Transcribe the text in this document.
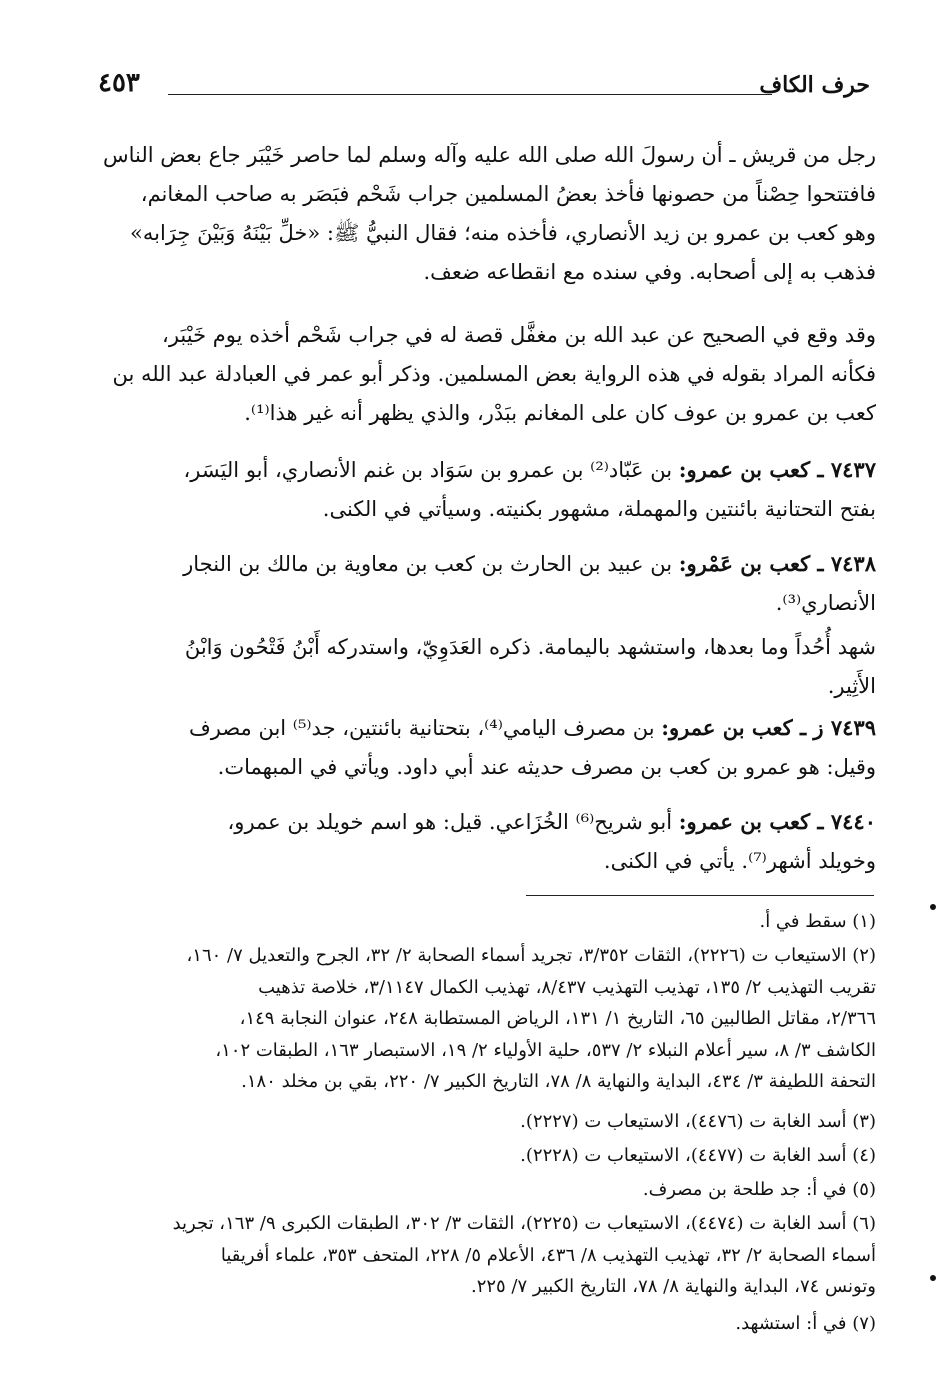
حرف الكاف
٤٥٣
رجل من قريش ـ أن رسولَ الله صلى الله عليه وآله وسلم لما حاصر خَيْبَر جاع بعض الناس
فافتتحوا حِصْناً من حصونها فأخذ بعضُ المسلمين جراب شَحْم فبَصَر به صاحب المغانم،
وهو كعب بن عمرو بن زيد الأنصاري، فأخذه منه؛ فقال النبيُّ ﷺ: «خلِّ بَيْنَهُ وَبَيْنَ جِرَابه»
فذهب به إلى أصحابه. وفي سنده مع انقطاعه ضعف.
وقد وقع في الصحيح عن عبد الله بن مغفَّل قصة له في جراب شَحْم أخذه يوم خَيْبَر،
فكأنه المراد بقوله في هذه الرواية بعض المسلمين. وذكر أبو عمر في العبادلة عبد الله بن
كعب بن عمرو بن عوف كان على المغانم ببَدْر، والذي يظهر أنه غير هذا⁽¹⁾.
٧٤٣٧ ـ كعب بن عمرو: بن عَبّاد⁽²⁾ بن عمرو بن سَوَاد بن غنم الأنصاري، أبو اليَسَر،
بفتح التحتانية بائنتين والمهملة، مشهور بكنيته. وسيأتي في الكنى.
٧٤٣٨ ـ كعب بن عَمْرو: بن عبيد بن الحارث بن كعب بن معاوية بن مالك بن النجار
الأنصاري⁽³⁾.
شهد أُحُداً وما بعدها، واستشهد باليمامة. ذكره العَدَوِيّ، واستدركه أَبْنُ فَتْحُون وَابْنُ
الأَثِير.
٧٤٣٩ ز ـ كعب بن عمرو: بن مصرف اليامي⁽⁴⁾، بتحتانية بائنتين، جد⁽⁵⁾ ابن مصرف
وقيل: هو عمرو بن كعب بن مصرف حديثه عند أبي داود. ويأتي في المبهمات.
٧٤٤٠ ـ كعب بن عمرو: أبو شريح⁽⁶⁾ الخُزَاعي. قيل: هو اسم خويلد بن عمرو،
وخويلد أشهر⁽⁷⁾. يأتي في الكنى.
(١) سقط في أ.
(٢) الاستيعاب ت (٢٢٢٦)، الثقات ٣/٣٥٢، تجريد أسماء الصحابة ٢/ ٣٢، الجرح والتعديل ٧/ ١٦٠،
تقريب التهذيب ٢/ ١٣٥، تهذيب التهذيب ٨/٤٣٧، تهذيب الكمال ٣/١١٤٧، خلاصة تذهيب
٢/٣٦٦، مقاتل الطالبين ٦٥، التاريخ ١/ ١٣١، الرياض المستطابة ٢٤٨، عنوان النجابة ١٤٩،
الكاشف ٣/ ٨، سير أعلام النبلاء ٢/ ٥٣٧، حلية الأولياء ٢/ ١٩، الاستبصار ١٦٣، الطبقات ١٠٢،
التحفة اللطيفة ٣/ ٤٣٤، البداية والنهاية ٨/ ٧٨، التاريخ الكبير ٧/ ٢٢٠، بقي بن مخلد ١٨٠.
(٣) أسد الغابة ت (٤٤٧٦)، الاستيعاب ت (٢٢٢٧).
(٤) أسد الغابة ت (٤٤٧٧)، الاستيعاب ت (٢٢٢٨).
(٥) في أ: جد طلحة بن مصرف.
(٦) أسد الغابة ت (٤٤٧٤)، الاستيعاب ت (٢٢٢٥)، الثقات ٣/ ٣٠٢، الطبقات الكبرى ٩/ ١٦٣، تجريد
أسماء الصحابة ٢/ ٣٢، تهذيب التهذيب ٨/ ٤٣٦، الأعلام ٥/ ٢٢٨، المتحف ٣٥٣، علماء أفريقيا
وتونس ٧٤، البداية والنهاية ٨/ ٧٨، التاريخ الكبير ٧/ ٢٢٥.
(٧) في أ: استشهد.
